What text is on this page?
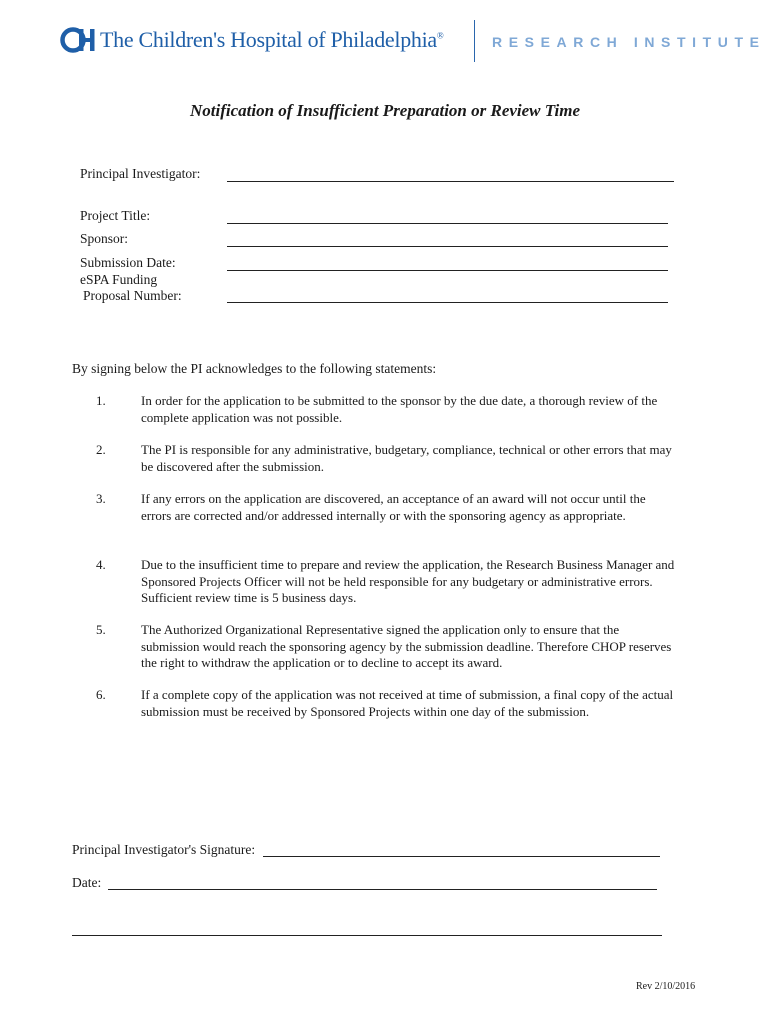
The Children's Hospital of Philadelphia®	RESEARCH INSTITUTE
Notification of Insufficient Preparation or Review Time
Principal Investigator:
Project Title:
Sponsor:
Submission Date:
eSPA Funding
Proposal Number:
By signing below the PI acknowledges to the following statements:
1.	In order for the application to be submitted to the sponsor by the due date, a thorough review of the complete application was not possible.
2.	The PI is responsible for any administrative, budgetary, compliance, technical or other errors that may be discovered after the submission.
3.	If any errors on the application are discovered, an acceptance of an award will not occur until the errors are corrected and/or addressed internally or with the sponsoring agency as appropriate.
4.	Due to the insufficient time to prepare and review the application, the Research Business Manager and Sponsored Projects Officer will not be held responsible for any budgetary or administrative errors. Sufficient review time is 5 business days.
5.	The Authorized Organizational Representative signed the application only to ensure that the submission would reach the sponsoring agency by the submission deadline. Therefore CHOP reserves the right to withdraw the application or to decline to accept its award.
6.	If a complete copy of the application was not received at time of submission, a final copy of the actual submission must be received by Sponsored Projects within one day of the submission.
Principal Investigator's Signature:
Date:
Rev 2/10/2016
